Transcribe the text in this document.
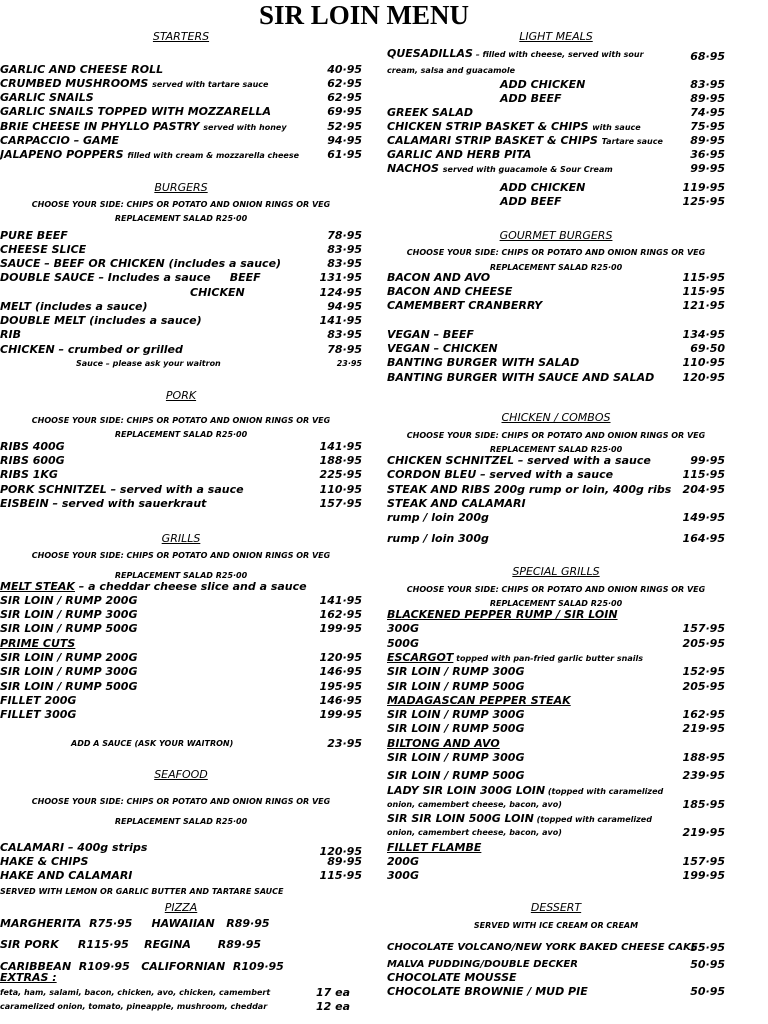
SIR LOIN MENU
STARTERS
GARLIC AND CHEESE ROLL	40·95
CRUMBED MUSHROOMS served with tartare sauce	62·95
GARLIC SNAILS	62·95
GARLIC SNAILS TOPPED WITH MOZZARELLA	69·95
BRIE CHEESE IN PHYLLO PASTRY served with honey	52·95
CARPACCIO – GAME	94·95
JALAPENO POPPERS filled with cream & mozzarella cheese	61·95
BURGERS
CHOOSE YOUR SIDE: CHIPS OR POTATO AND ONION RINGS OR VEG
REPLACEMENT SALAD R25·00
PURE BEEF	78·95
CHEESE SLICE	83·95
SAUCE – BEEF OR CHICKEN (includes a sauce)	83·95
DOUBLE SAUCE – Includes a sauce     BEEF	131·95
CHICKEN	124·95
MELT (includes a sauce)	94·95
DOUBLE MELT (includes a sauce)	141·95
RIB	83·95
CHICKEN – crumbed or grilled	78·95
Sauce – please ask your waitron	23·95
PORK
CHOOSE YOUR SIDE: CHIPS OR POTATO AND ONION RINGS OR VEG
REPLACEMENT SALAD R25·00
RIBS 400G	141·95
RIBS 600G	188·95
RIBS 1KG	225·95
PORK SCHNITZEL – served with a sauce	110·95
EISBEIN – served with sauerkraut	157·95
GRILLS
CHOOSE YOUR SIDE: CHIPS OR POTATO AND ONION RINGS OR VEG
REPLACEMENT SALAD R25·00
MELT STEAK – a cheddar cheese slice and a sauce
SIR LOIN / RUMP 200G	141·95
SIR LOIN / RUMP 300G	162·95
SIR LOIN / RUMP 500G	199·95
PRIME CUTS
SIR LOIN / RUMP 200G	120·95
SIR LOIN / RUMP 300G	146·95
SIR LOIN / RUMP 500G	195·95
FILLET 200G	146·95
FILLET 300G	199·95
ADD A SAUCE (ASK YOUR WAITRON)	23·95
SEAFOOD
CHOOSE YOUR SIDE: CHIPS OR POTATO AND ONION RINGS OR VEG
REPLACEMENT SALAD R25·00
CALAMARI – 400g strips	120·95
HAKE & CHIPS	89·95
HAKE AND CALAMARI	115·95
SERVED WITH LEMON OR GARLIC BUTTER AND TARTARE SAUCE
PIZZA
MARGHERITA  R75·95     HAWAIIAN   R89·95
SIR PORK     R115·95    REGINA       R89·95
CARIBBEAN  R109·95   CALIFORNIAN  R109·95
EXTRAS :
feta, ham, salami, bacon, chicken, avo, chicken, camembert	17 ea
caramelized onion, tomato, pineapple, mushroom, cheddar	12 ea
LIGHT MEALS
QUESADILLAS – filled with cheese, served with sour	68·95
cream, salsa and guacamole
ADD CHICKEN	83·95
ADD BEEF	89·95
GREEK SALAD	74·95
CHICKEN STRIP BASKET & CHIPS with sauce	75·95
CALAMARI STRIP BASKET & CHIPS Tartare sauce 89·95
GARLIC AND HERB PITA	36·95
NACHOS served with guacamole & Sour Cream	99·95
ADD CHICKEN	119·95
ADD BEEF	125·95
GOURMET BURGERS
CHOOSE YOUR SIDE: CHIPS OR POTATO AND ONION RINGS OR VEG
REPLACEMENT SALAD R25·00
BACON AND AVO	115·95
BACON AND CHEESE	115·95
CAMEMBERT CRANBERRY	121·95
VEGAN – BEEF	134·95
VEGAN – CHICKEN	69·50
BANTING BURGER WITH SALAD	110·95
BANTING BURGER WITH SAUCE AND SALAD	120·95
CHICKEN / COMBOS
CHOOSE YOUR SIDE: CHIPS OR POTATO AND ONION RINGS OR VEG
REPLACEMENT SALAD R25·00
CHICKEN SCHNITZEL – served with a sauce	99·95
CORDON BLEU – served with a sauce	115·95
STEAK AND RIBS 200g rump or loin, 400g ribs 204·95
STEAK AND CALAMARI
rump / loin 200g	149·95
rump / loin 300g	164·95
SPECIAL GRILLS
CHOOSE YOUR SIDE: CHIPS OR POTATO AND ONION RINGS OR VEG
REPLACEMENT SALAD R25·00
BLACKENED PEPPER RUMP / SIR LOIN
300G	157·95
500G	205·95
ESCARGOT topped with pan-fried garlic butter snails
SIR LOIN / RUMP 300G	152·95
SIR LOIN / RUMP 500G	205·95
MADAGASCAN PEPPER STEAK
SIR LOIN / RUMP 300G	162·95
SIR LOIN / RUMP 500G	219·95
BILTONG AND AVO
SIR LOIN / RUMP 300G	188·95
SIR LOIN / RUMP 500G	239·95
LADY SIR LOIN 300G LOIN (topped with caramelized
onion, camembert cheese, bacon, avo)	185·95
SIR SIR LOIN 500G LOIN (topped with caramelized
onion, camembert cheese, bacon, avo)	219·95
FILLET FLAMBE
200G	157·95
300G	199·95
DESSERT
SERVED WITH ICE CREAM OR CREAM
CHOCOLATE VOLCANO/NEW YORK BAKED CHEESE CAKE
55·95
MALVA PUDDING/DOUBLE DECKER	50·95
CHOCOLATE MOUSSE
CHOCOLATE BROWNIE / MUD PIE	50·95
